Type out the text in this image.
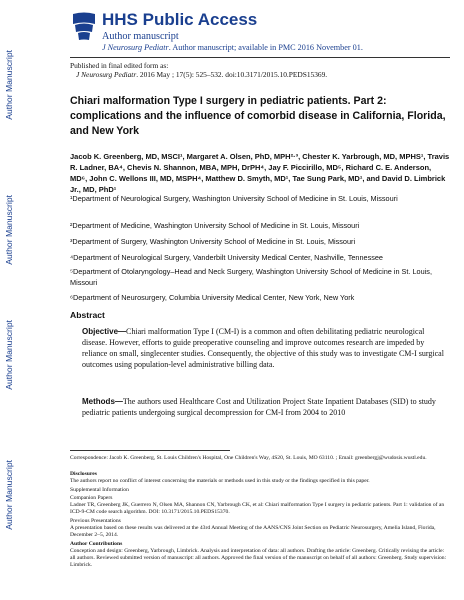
Author Manuscript
Author Manuscript
Author Manuscript
Author Manuscript
HHS Public Access
Author manuscript
J Neurosurg Pediatr. Author manuscript; available in PMC 2016 November 01.
Published in final edited form as:
J Neurosurg Pediatr. 2016 May ; 17(5): 525–532. doi:10.3171/2015.10.PEDS15369.
Chiari malformation Type I surgery in pediatric patients. Part 2: complications and the influence of comorbid disease in California, Florida, and New York
Jacob K. Greenberg, MD, MSCI¹, Margaret A. Olsen, PhD, MPH²·³, Chester K. Yarbrough, MD, MPHS¹, Travis R. Ladner, BA⁴, Chevis N. Shannon, MBA, MPH, DrPH⁴, Jay F. Piccirillo, MD⁵, Richard C. E. Anderson, MD⁶, John C. Wellons III, MD, MSPH⁴, Matthew D. Smyth, MD¹, Tae Sung Park, MD¹, and David D. Limbrick Jr., MD, PhD¹
¹Department of Neurological Surgery, Washington University School of Medicine in St. Louis, Missouri
²Department of Medicine, Washington University School of Medicine in St. Louis, Missouri
³Department of Surgery, Washington University School of Medicine in St. Louis, Missouri
⁴Department of Neurological Surgery, Vanderbilt University Medical Center, Nashville, Tennessee
⁵Department of Otolaryngology–Head and Neck Surgery, Washington University School of Medicine in St. Louis, Missouri
⁶Department of Neurosurgery, Columbia University Medical Center, New York, New York
Abstract
Objective—Chiari malformation Type I (CM-I) is a common and often debilitating pediatric neurological disease. However, efforts to guide preoperative counseling and improve outcomes research are impeded by reliance on small, singlecenter studies. Consequently, the objective of this study was to investigate CM-I surgical outcomes using population-level administrative billing data.
Methods—The authors used Healthcare Cost and Utilization Project State Inpatient Databases (SID) to study pediatric patients undergoing surgical decompression for CM-I from 2004 to 2010
Correspondence: Jacob K. Greenberg, St. Louis Children's Hospital, One Children's Way, 4S20, St. Louis, MO 63110. ; Email: greenbergj@wudosis.wustl.edu.
Disclosures
The authors report no conflict of interest concerning the materials or methods used in this study or the findings specified in this paper.
Supplemental Information
Companion Papers
Ladner TR, Greenberg JK, Guerrero N, Olsen MA, Shannon CN, Yarbrough CK, et al: Chiari malformation Type I surgery in pediatric patients. Part 1: validation of an ICD-9-CM code search algorithm. DOI: 10.3171/2015.10.PEDS15370.
Previous Presentations
A presentation based on these results was delivered at the 43rd Annual Meeting of the AANS/CNS Joint Section on Pediatric Neurosurgery, Amelia Island, Florida, December 2–5, 2014.
Author Contributions
Conception and design: Greenberg, Yarbrough, Limbrick. Analysis and interpretation of data: all authors. Drafting the article: Greenberg. Critically revising the article: all authors. Reviewed submitted version of manuscript: all authors. Approved the final version of the manuscript on behalf of all authors: Greenberg. Study supervision: Limbrick.
